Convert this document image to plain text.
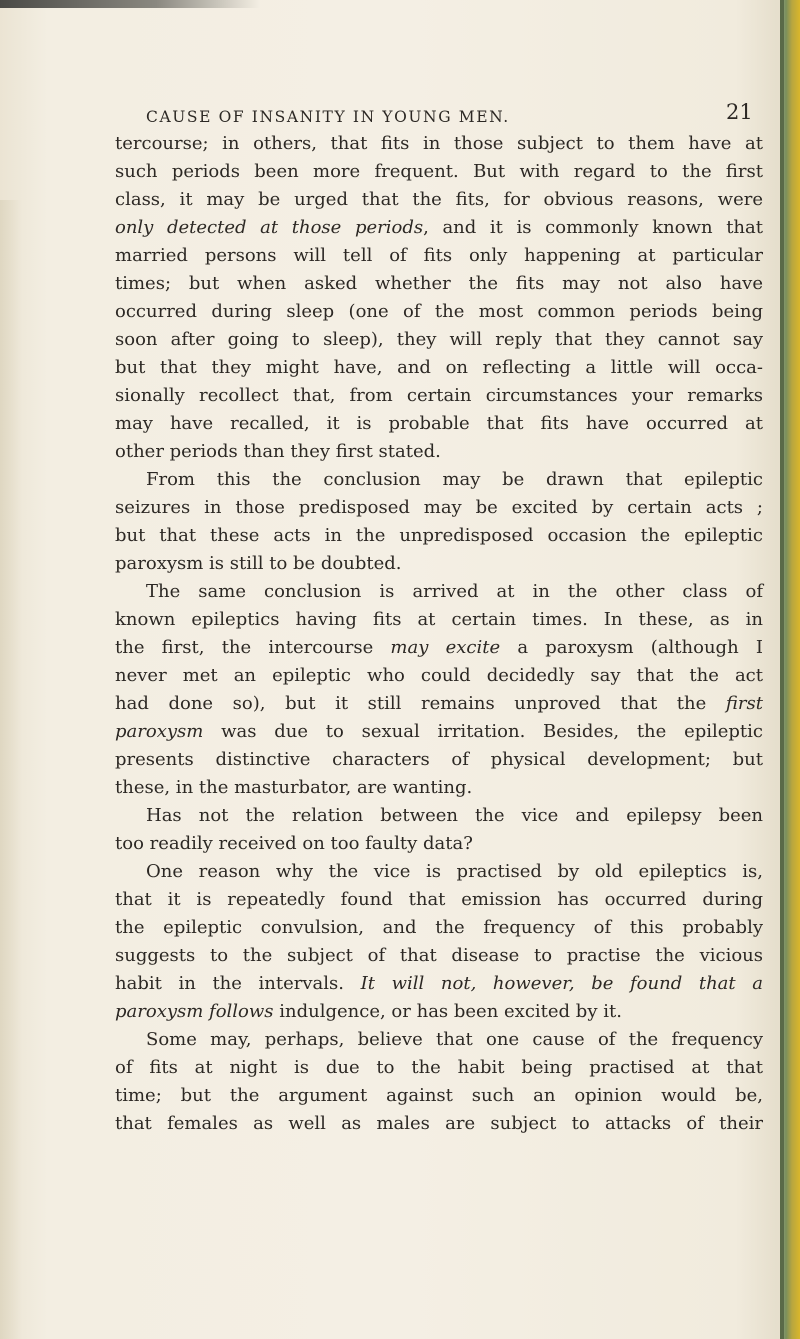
CAUSE OF INSANITY IN YOUNG MEN.	21
tercourse; in others, that fits in those subject to them have at
such periods been more frequent. But with regard to the first
class, it may be urged that the fits, for obvious reasons, were
only detected at those periods, and it is commonly known that
married persons will tell of fits only happening at particular
times; but when asked whether the fits may not also have
occurred during sleep (one of the most common periods being
soon after going to sleep), they will reply that they cannot say
but that they might have, and on reflecting a little will occa-
sionally recollect that, from certain circumstances your remarks
may have recalled, it is probable that fits have occurred at
other periods than they first stated.
From this the conclusion may be drawn that epileptic
seizures in those predisposed may be excited by certain acts ;
but that these acts in the unpredisposed occasion the epileptic
paroxysm is still to be doubted.
The same conclusion is arrived at in the other class of
known epileptics having fits at certain times. In these, as in
the first, the intercourse may excite a paroxysm (although I
never met an epileptic who could decidedly say that the act
had done so), but it still remains unproved that the first
paroxysm was due to sexual irritation. Besides, the epileptic
presents distinctive characters of physical development; but
these, in the masturbator, are wanting.
Has not the relation between the vice and epilepsy been
too readily received on too faulty data?
One reason why the vice is practised by old epileptics is,
that it is repeatedly found that emission has occurred during
the epileptic convulsion, and the frequency of this probably
suggests to the subject of that disease to practise the vicious
habit in the intervals. It will not, however, be found that a
paroxysm follows indulgence, or has been excited by it.
Some may, perhaps, believe that one cause of the frequency
of fits at night is due to the habit being practised at that
time; but the argument against such an opinion would be,
that females as well as males are subject to attacks of their
